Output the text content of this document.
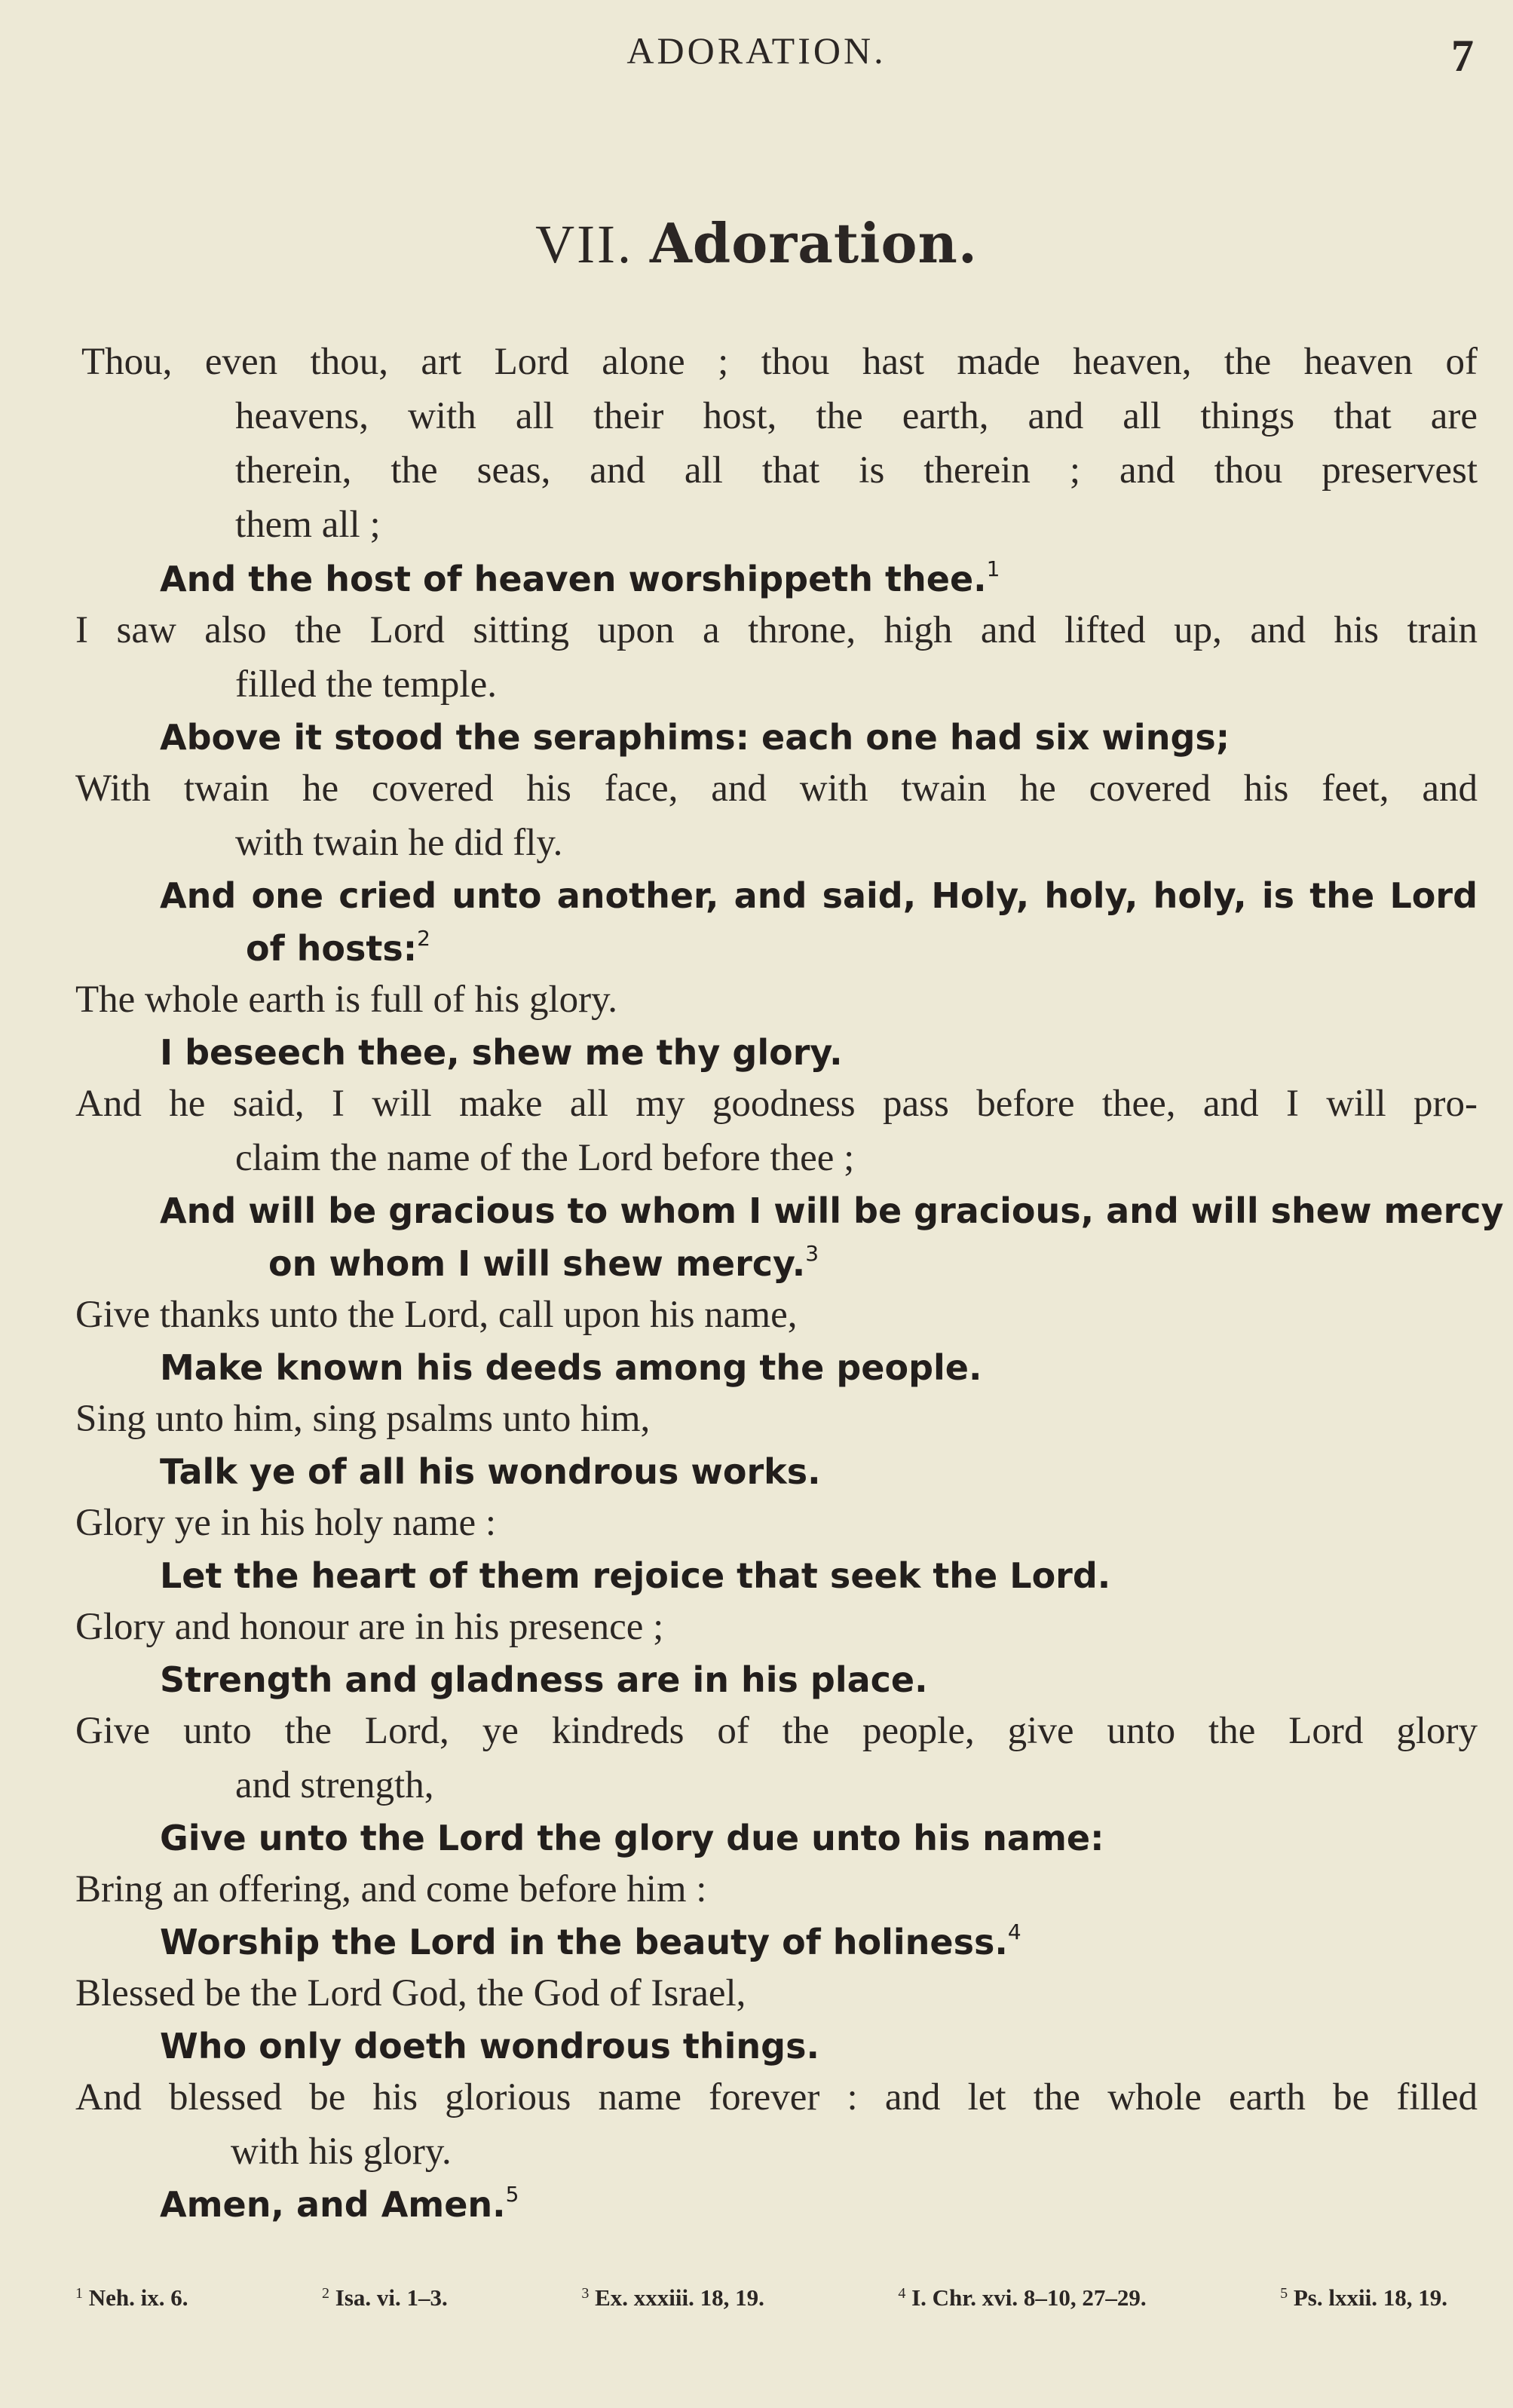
ADORATION.	7
VII. Adoration.
Thou, even thou, art Lord alone ; thou hast made heaven, the heaven of
heavens, with all their host, the earth, and all things that are
therein, the seas, and all that is therein ; and thou preservest
them all ;
And the host of heaven worshippeth thee.$^1$
I saw also the Lord sitting upon a throne, high and lifted up, and his train
filled the temple.
Above it stood the seraphims: each one had six wings;
With twain he covered his face, and with twain he covered his feet, and
with twain he did fly.
And one cried unto another, and said, Holy, holy, holy, is the Lord
of hosts:$^2$
The whole earth is full of his glory.
I beseech thee, shew me thy glory.
And he said, I will make all my goodness pass before thee, and I will pro-
claim the name of the Lord before thee ;
And will be gracious to whom I will be gracious, and will shew mercy
on whom I will shew mercy.$^3$
Give thanks unto the Lord, call upon his name,
Make known his deeds among the people.
Sing unto him, sing psalms unto him,
Talk ye of all his wondrous works.
Glory ye in his holy name :
Let the heart of them rejoice that seek the Lord.
Glory and honour are in his presence ;
Strength and gladness are in his place.
Give unto the Lord, ye kindreds of the people, give unto the Lord glory
and strength,
Give unto the Lord the glory due unto his name:
Bring an offering, and come before him :
Worship the Lord in the beauty of holiness.$^4$
Blessed be the Lord God, the God of Israel,
Who only doeth wondrous things.
And blessed be his glorious name forever : and let the whole earth be filled
with his glory.
Amen, and Amen.$^5$
$^1$ Neh. ix. 6.	$^2$ Isa. vi. 1–3.	$^3$ Ex. xxxiii. 18, 19.	$^4$ I. Chr. xvi. 8–10, 27–29.	$^5$ Ps. lxxii. 18, 19.
